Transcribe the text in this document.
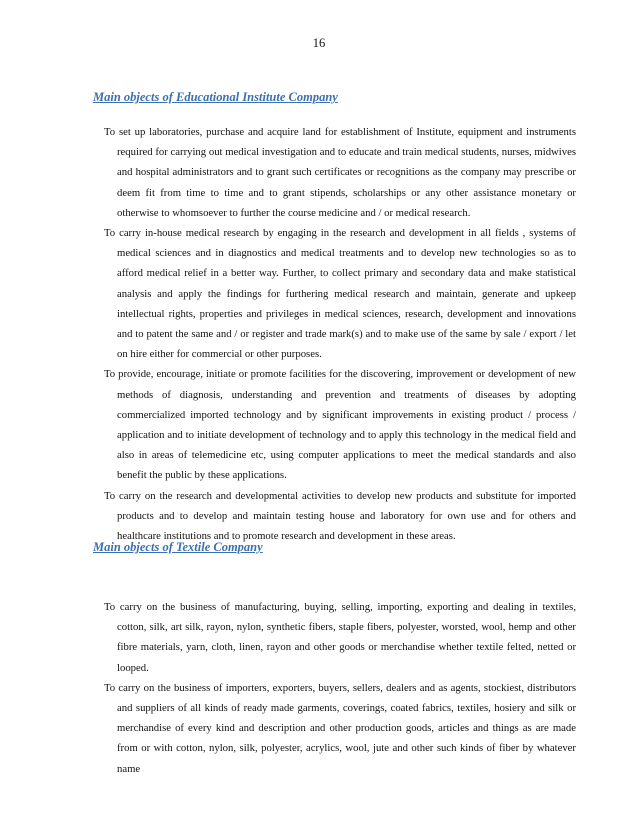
16
Main objects of Educational Institute Company
To set up laboratories, purchase and acquire land for establishment of Institute, equipment and instruments required for carrying out medical investigation and to educate and train medical students, nurses, midwives and hospital administrators and to grant such certificates or recognitions as the company may prescribe or deem fit from time to time and to grant stipends, scholarships or any other assistance monetary or otherwise to whomsoever to further the course medicine and / or medical research.
To carry in-house medical research by engaging in the research and development in all fields , systems of medical sciences and in diagnostics and medical treatments and to develop new technologies so as to afford medical relief in a better way. Further, to collect primary and secondary data and make statistical analysis and apply the findings for furthering medical research and maintain, generate and upkeep intellectual rights, properties and privileges in medical sciences, research, development and innovations and to patent the same and / or register and trade mark(s) and to make use of the same by sale / export / let on hire either for commercial or other purposes.
To provide, encourage, initiate or promote facilities for the discovering, improvement or development of new methods of diagnosis, understanding and prevention and treatments of diseases by adopting commercialized imported technology and by significant improvements in existing product / process / application and to initiate development of technology and to apply this technology in the medical field and also in areas of telemedicine etc, using computer applications to meet the medical standards and also benefit the public by these applications.
To carry on the research and developmental activities to develop new products and substitute for imported products and to develop and maintain testing house and laboratory for own use and for others and healthcare institutions and to promote research and development in these areas.
Main objects of Textile Company
To carry on the business of manufacturing, buying, selling, importing, exporting and dealing in textiles, cotton, silk, art silk, rayon, nylon, synthetic fibers, staple fibers, polyester, worsted, wool, hemp and other fibre materials, yarn, cloth, linen, rayon and other goods or merchandise whether textile felted, netted or looped.
To carry on the business of importers, exporters, buyers, sellers, dealers and as agents, stockiest, distributors and suppliers of all kinds of ready made garments, coverings, coated fabrics, textiles, hosiery and silk or merchandise of every kind and description and other production goods, articles and things as are made from or with cotton, nylon, silk, polyester, acrylics, wool, jute and other such kinds of fiber by whatever name
